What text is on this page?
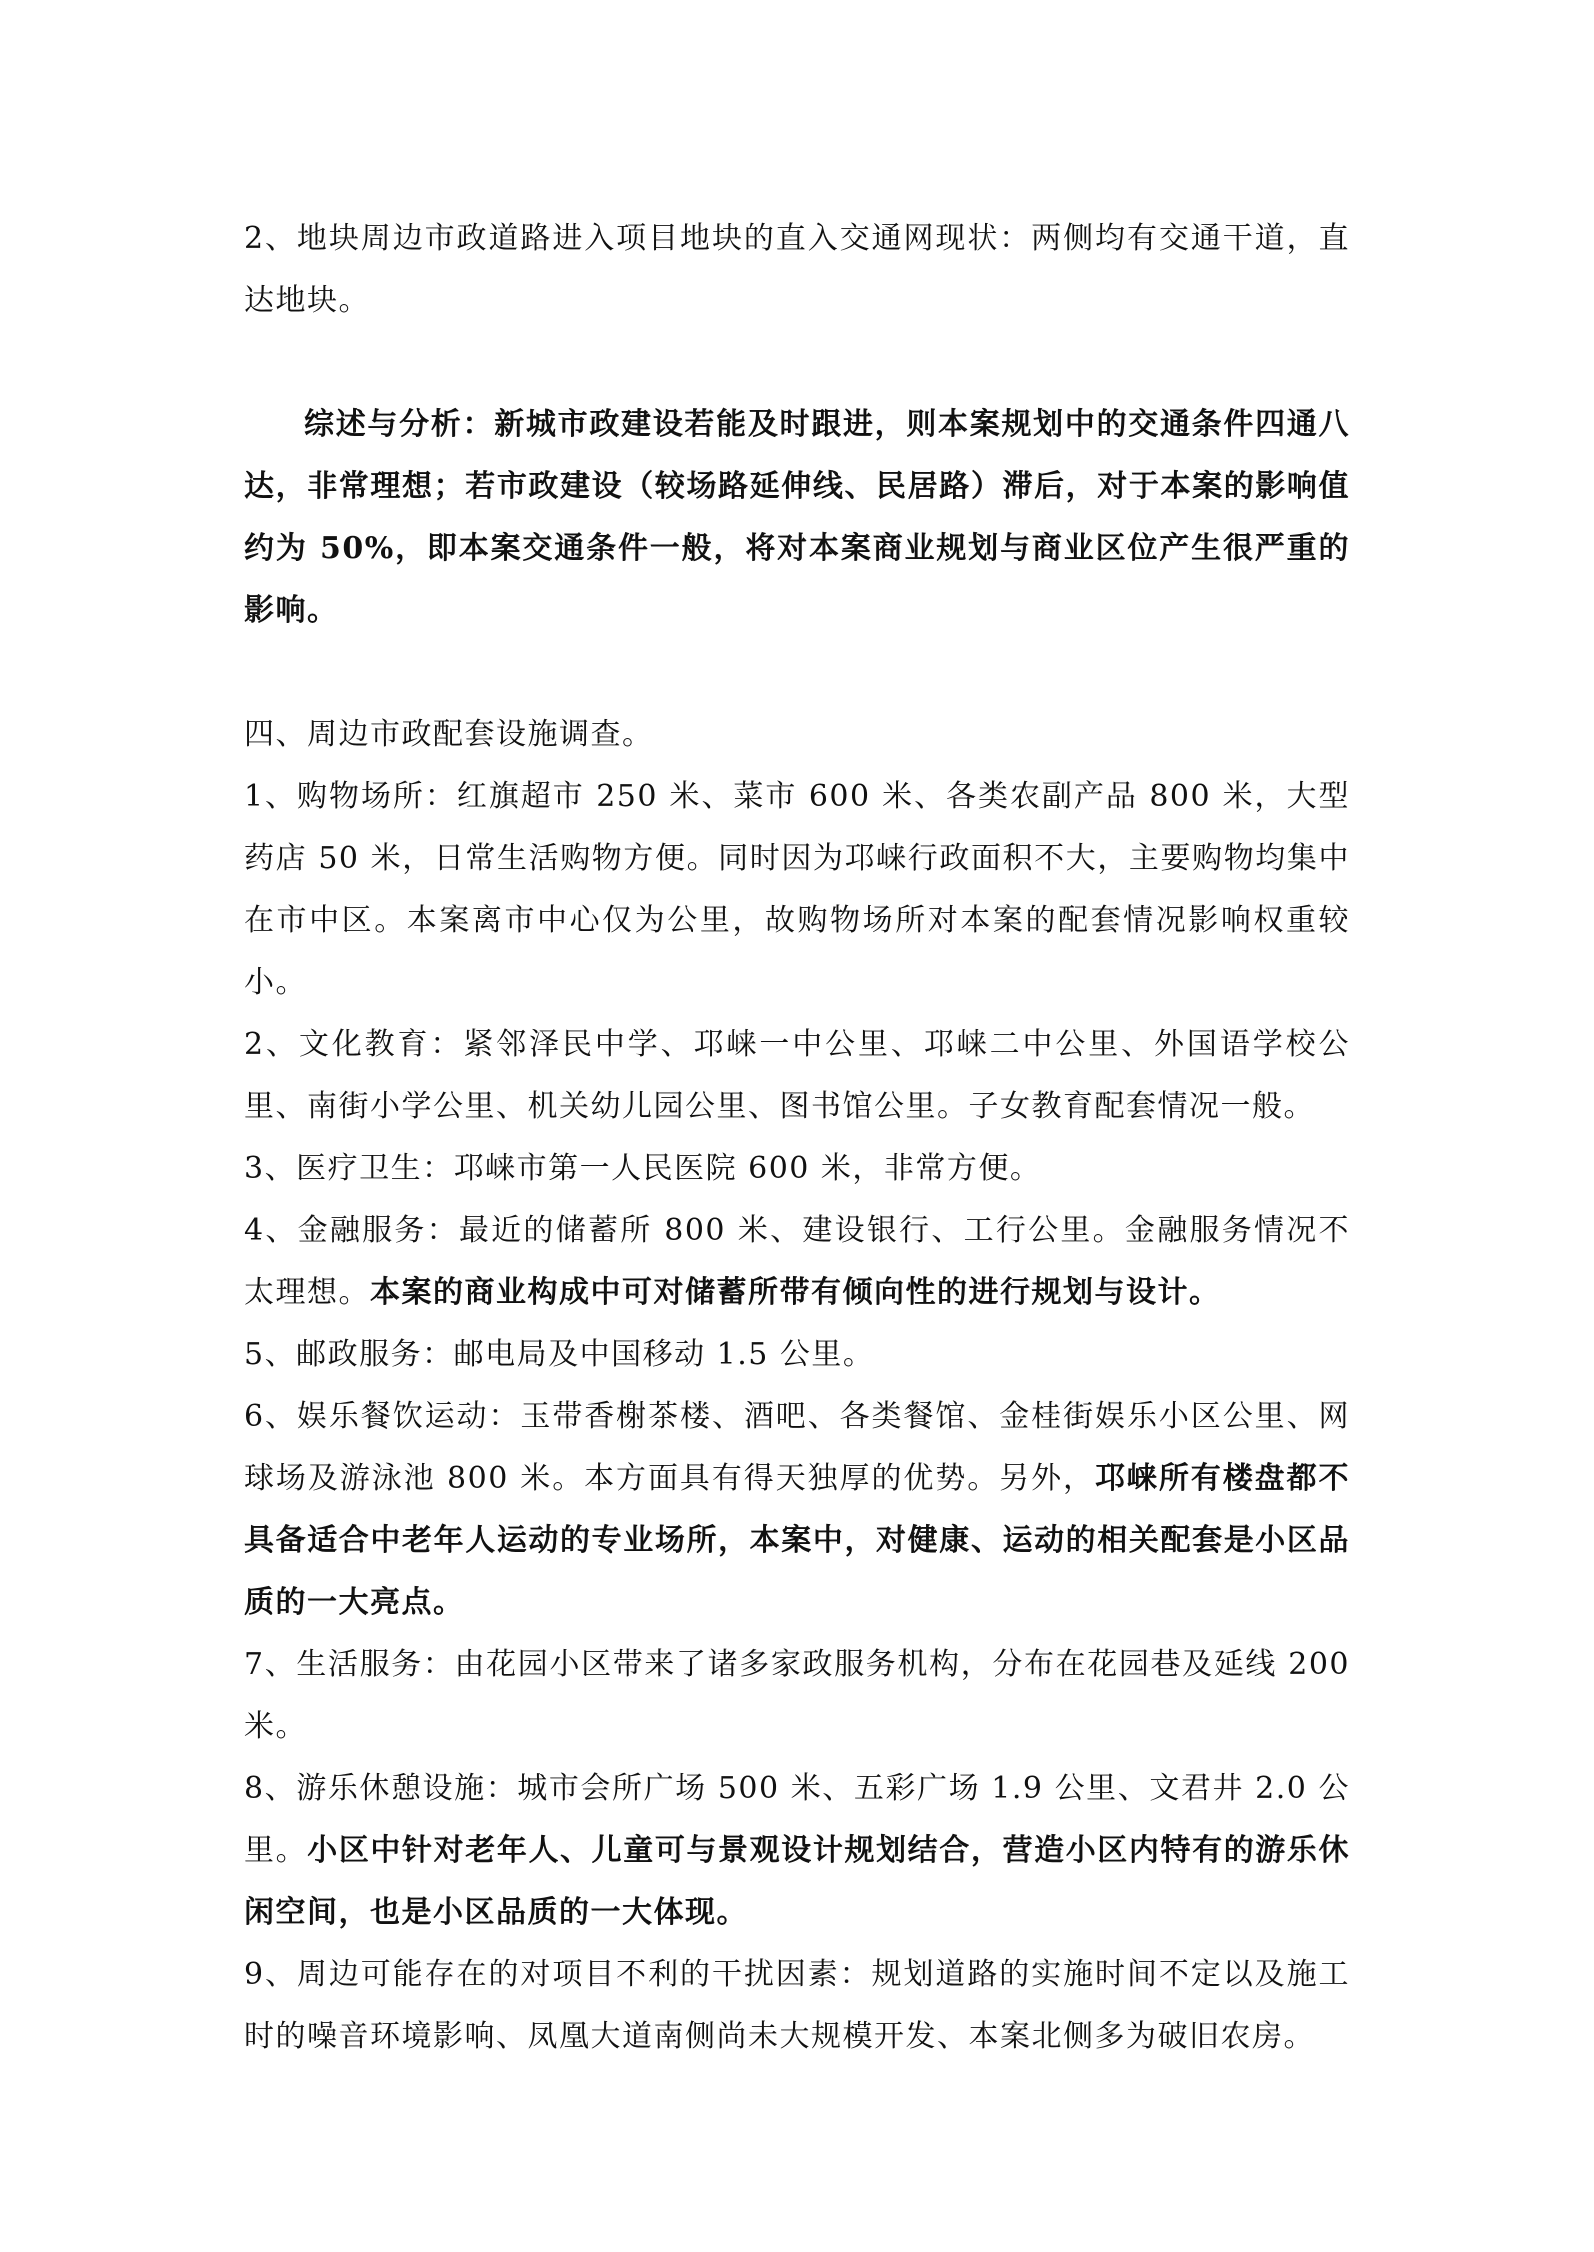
2、地块周边市政道路进入项目地块的直入交通网现状：两侧均有交通干道，直达地块。

综述与分析：新城市政建设若能及时跟进，则本案规划中的交通条件四通八达，非常理想；若市政建设（较场路延伸线、民居路）滞后，对于本案的影响值约为 50%，即本案交通条件一般，将对本案商业规划与商业区位产生很严重的影响。

四、周边市政配套设施调查。

1、购物场所：红旗超市 250 米、菜市 600 米、各类农副产品 800 米，大型药店 50 米，日常生活购物方便。同时因为邛崃行政面积不大，主要购物均集中在市中区。本案离市中心仅为公里，故购物场所对本案的配套情况影响权重较小。

2、文化教育：紧邻泽民中学、邛崃一中公里、邛崃二中公里、外国语学校公里、南街小学公里、机关幼儿园公里、图书馆公里。子女教育配套情况一般。

3、医疗卫生：邛崃市第一人民医院 600 米，非常方便。

4、金融服务：最近的储蓄所 800 米、建设银行、工行公里。金融服务情况不太理想。本案的商业构成中可对储蓄所带有倾向性的进行规划与设计。

5、邮政服务：邮电局及中国移动 1.5 公里。

6、娱乐餐饮运动：玉带香榭茶楼、酒吧、各类餐馆、金桂街娱乐小区公里、网球场及游泳池 800 米。本方面具有得天独厚的优势。另外，邛崃所有楼盘都不具备适合中老年人运动的专业场所，本案中，对健康、运动的相关配套是小区品质的一大亮点。

7、生活服务：由花园小区带来了诸多家政服务机构，分布在花园巷及延线 200 米。

8、游乐休憩设施：城市会所广场 500 米、五彩广场 1.9 公里、文君井 2.0 公里。小区中针对老年人、儿童可与景观设计规划结合，营造小区内特有的游乐休闲空间，也是小区品质的一大体现。

9、周边可能存在的对项目不利的干扰因素：规划道路的实施时间不定以及施工时的噪音环境影响、凤凰大道南侧尚未大规模开发、本案北侧多为破旧农房。
